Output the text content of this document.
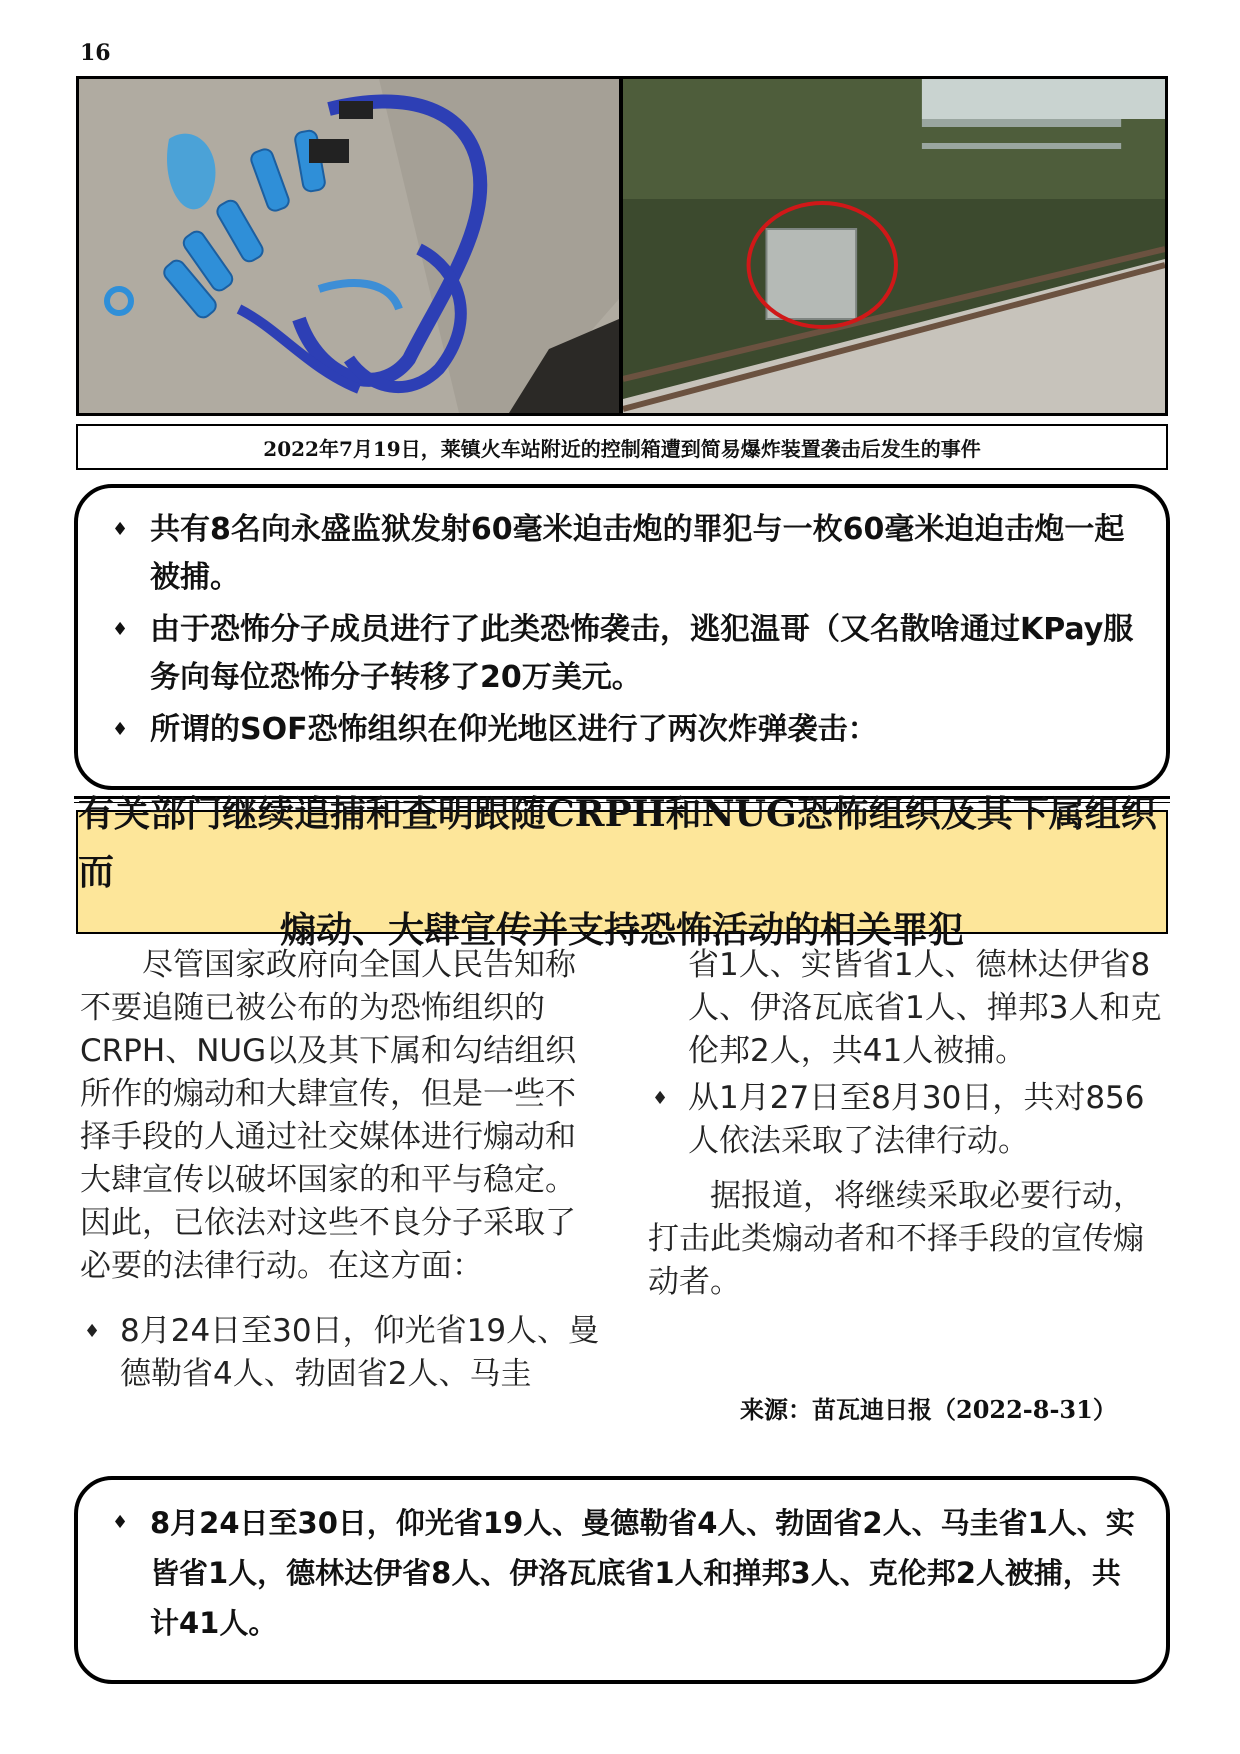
16
2022年7月19日，莱镇火车站附近的控制箱遭到简易爆炸装置袭击后发生的事件
♦ 共有8名向永盛监狱发射60毫米迫击炮的罪犯与一枚60毫米迫迫击炮一起被捕。
♦ 由于恐怖分子成员进行了此类恐怖袭击，逃犯温哥（又名散啥通过KPay服务向每位恐怖分子转移了20万美元。
♦ 所谓的SOF恐怖组织在仰光地区进行了两次炸弹袭击：
有关部门继续追捕和查明跟随CRPH和NUG恐怖组织及其下属组织而
煽动、大肆宣传并支持恐怖活动的相关罪犯

尽管国家政府向全国人民告知称不要追随已被公布的为恐怖组织的CRPH、NUG以及其下属和勾结组织所作的煽动和大肆宣传，但是一些不择手段的人通过社交媒体进行煽动和大肆宣传以破坏国家的和平与稳定。因此，已依法对这些不良分子采取了必要的法律行动。在这方面：

♦ 8月24日至30日，仰光省19人、曼德勒省4人、勃固省2人、马圭

省1人、实皆省1人、德林达伊省8人、伊洛瓦底省1人、掸邦3人和克伦邦2人，共41人被捕。

♦ 从1月27日至8月30日，共对856人依法采取了法律行动。

据报道，将继续采取必要行动，打击此类煽动者和不择手段的宣传煽动者。

来源：苗瓦迪日报（2022-8-31）
♦ 8月24日至30日，仰光省19人、曼德勒省4人、勃固省2人、马圭省1人、实皆省1人，德林达伊省8人、伊洛瓦底省1人和掸邦3人、克伦邦2人被捕，共计41人。
